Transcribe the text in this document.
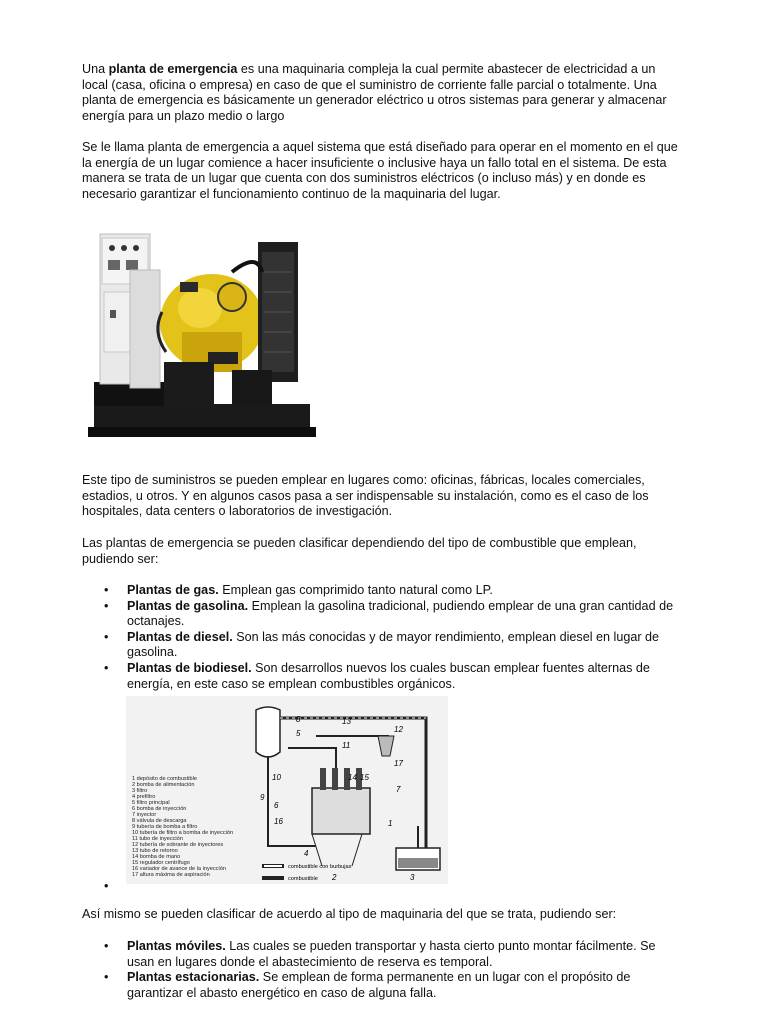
Una planta de emergencia es una maquinaria compleja la cual permite abastecer de electricidad a un local (casa, oficina o empresa) en caso de que el suministro de corriente falle parcial o totalmente. Una planta de emergencia es básicamente un generador eléctrico u otros sistemas para generar y almacenar energía para un plazo medio o largo

Se le llama planta de emergencia a aquel sistema que está diseñado para operar en el momento en el que la energía de un lugar comience a hacer insuficiente o inclusive haya un fallo total en el sistema. De esta manera se trata de un lugar que cuenta con dos suministros eléctricos (o incluso más) y en donde es necesario garantizar el funcionamiento continuo de la maquinaria del lugar.

Este tipo de suministros se pueden emplear en lugares como: oficinas, fábricas, locales comerciales, estadios, u otros. Y en algunos casos pasa a ser indispensable su instalación, como es el caso de los hospitales, data centers o laboratorios de investigación.

Las plantas de emergencia se pueden clasificar dependiendo del tipo de combustible que emplean, pudiendo ser:

• Plantas de gas. Emplean gas comprimido tanto natural como LP.
• Plantas de gasolina. Emplean la gasolina tradicional, pudiendo emplear de una gran cantidad de octanajes.
• Plantas de diesel. Son las más conocidas y de mayor rendimiento, emplean diesel en lugar de gasolina.
• Plantas de biodiesel. Son desarrollos nuevos los cuales buscan emplear fuentes alternas de energía, en este caso se emplean combustibles orgánicos.
8
5
13
12
11
17
15
14
10
9
6
16
7
1
2	3
4
1 depósito de combustible
2 bomba de alimentación
3 filtro
4 prefiltro
5 filtro principal
6 bomba de inyección
7 inyector
8 válvula de descarga
9 tubería de bomba a filtro
10 tubería de filtro a bomba de inyección
11 tubo de inyección
12 tubería de sobrante de inyectores
13 tubo de retorno
14 bomba de mano
15 regulador centrífugo
16 variador de avance de la inyección
17 altura máxima de aspiración
combustible con burbujas
combustible
•

Así mismo se pueden clasificar de acuerdo al tipo de maquinaria del que se trata, pudiendo ser:

• Plantas móviles. Las cuales se pueden transportar y hasta cierto punto montar fácilmente. Se usan en lugares donde el abastecimiento de reserva es temporal.
• Plantas estacionarias. Se emplean de forma permanente en un lugar con el propósito de garantizar el abasto energético en caso de alguna falla.
